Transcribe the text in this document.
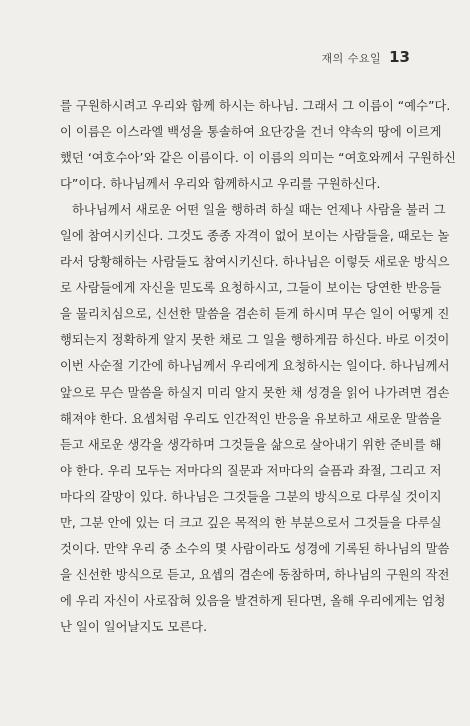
재의 수요일 13
를 구원하시려고 우리와 함께 하시는 하나님. 그래서 그 이름이 “예수”다.
이 이름은 이스라엘 백성을 통솔하여 요단강을 건너 약속의 땅에 이르게
했던 ‘여호수아’와 같은 이름이다. 이 이름의 의미는 “여호와께서 구원하신
다”이다. 하나님께서 우리와 함께하시고 우리를 구원하신다.
하나님께서 새로운 어떤 일을 행하려 하실 때는 언제나 사람을 불러 그
일에 참여시키신다. 그것도 종종 자격이 없어 보이는 사람들을, 때로는 놀
라서 당황해하는 사람들도 참여시키신다. 하나님은 이렇듯 새로운 방식으
로 사람들에게 자신을 믿도록 요청하시고, 그들이 보이는 당연한 반응들
을 물리치심으로, 신선한 말씀을 겸손히 듣게 하시며 무슨 일이 어떻게 진
행되는지 정확하게 알지 못한 채로 그 일을 행하게끔 하신다. 바로 이것이
이번 사순절 기간에 하나님께서 우리에게 요청하시는 일이다. 하나님께서
앞으로 무슨 말씀을 하실지 미리 알지 못한 채 성경을 읽어 나가려면 겸손
해져야 한다. 요셉처럼 우리도 인간적인 반응을 유보하고 새로운 말씀을
듣고 새로운 생각을 생각하며 그것들을 삶으로 살아내기 위한 준비를 해
야 한다. 우리 모두는 저마다의 질문과 저마다의 슬픔과 좌절, 그리고 저
마다의 갈망이 있다. 하나님은 그것들을 그분의 방식으로 다루실 것이지
만, 그분 안에 있는 더 크고 깊은 목적의 한 부분으로서 그것들을 다루실
것이다. 만약 우리 중 소수의 몇 사람이라도 성경에 기록된 하나님의 말씀
을 신선한 방식으로 듣고, 요셉의 겸손에 동참하며, 하나님의 구원의 작전
에 우리 자신이 사로잡혀 있음을 발견하게 된다면, 올해 우리에게는 엄청
난 일이 일어날지도 모른다.
